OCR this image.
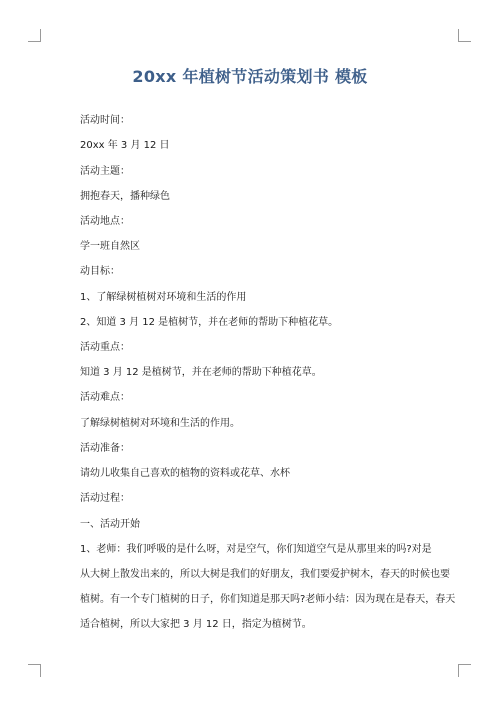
20xx 年植树节活动策划书 模板
活动时间：
20xx 年 3 月 12 日
活动主题：
拥抱春天，播种绿色
活动地点：
学一班自然区
动目标：
1、了解绿树植树对环境和生活的作用
2、知道 3 月 12 是植树节，并在老师的帮助下种植花草。
活动重点：
知道 3 月 12 是植树节，并在老师的帮助下种植花草。
活动难点：
了解绿树植树对环境和生活的作用。
活动准备：
请幼儿收集自己喜欢的植物的资料或花草、水杯
活动过程：
一、活动开始
1、老师：我们呼吸的是什么呀，对是空气，你们知道空气是从那里来的吗?对是
从大树上散发出来的，所以大树是我们的好朋友，我们要爱护树木，春天的时候也要
植树。有一个专门植树的日子，你们知道是那天吗?老师小结：因为现在是春天，春天
适合植树，所以大家把 3 月 12 日，指定为植树节。
